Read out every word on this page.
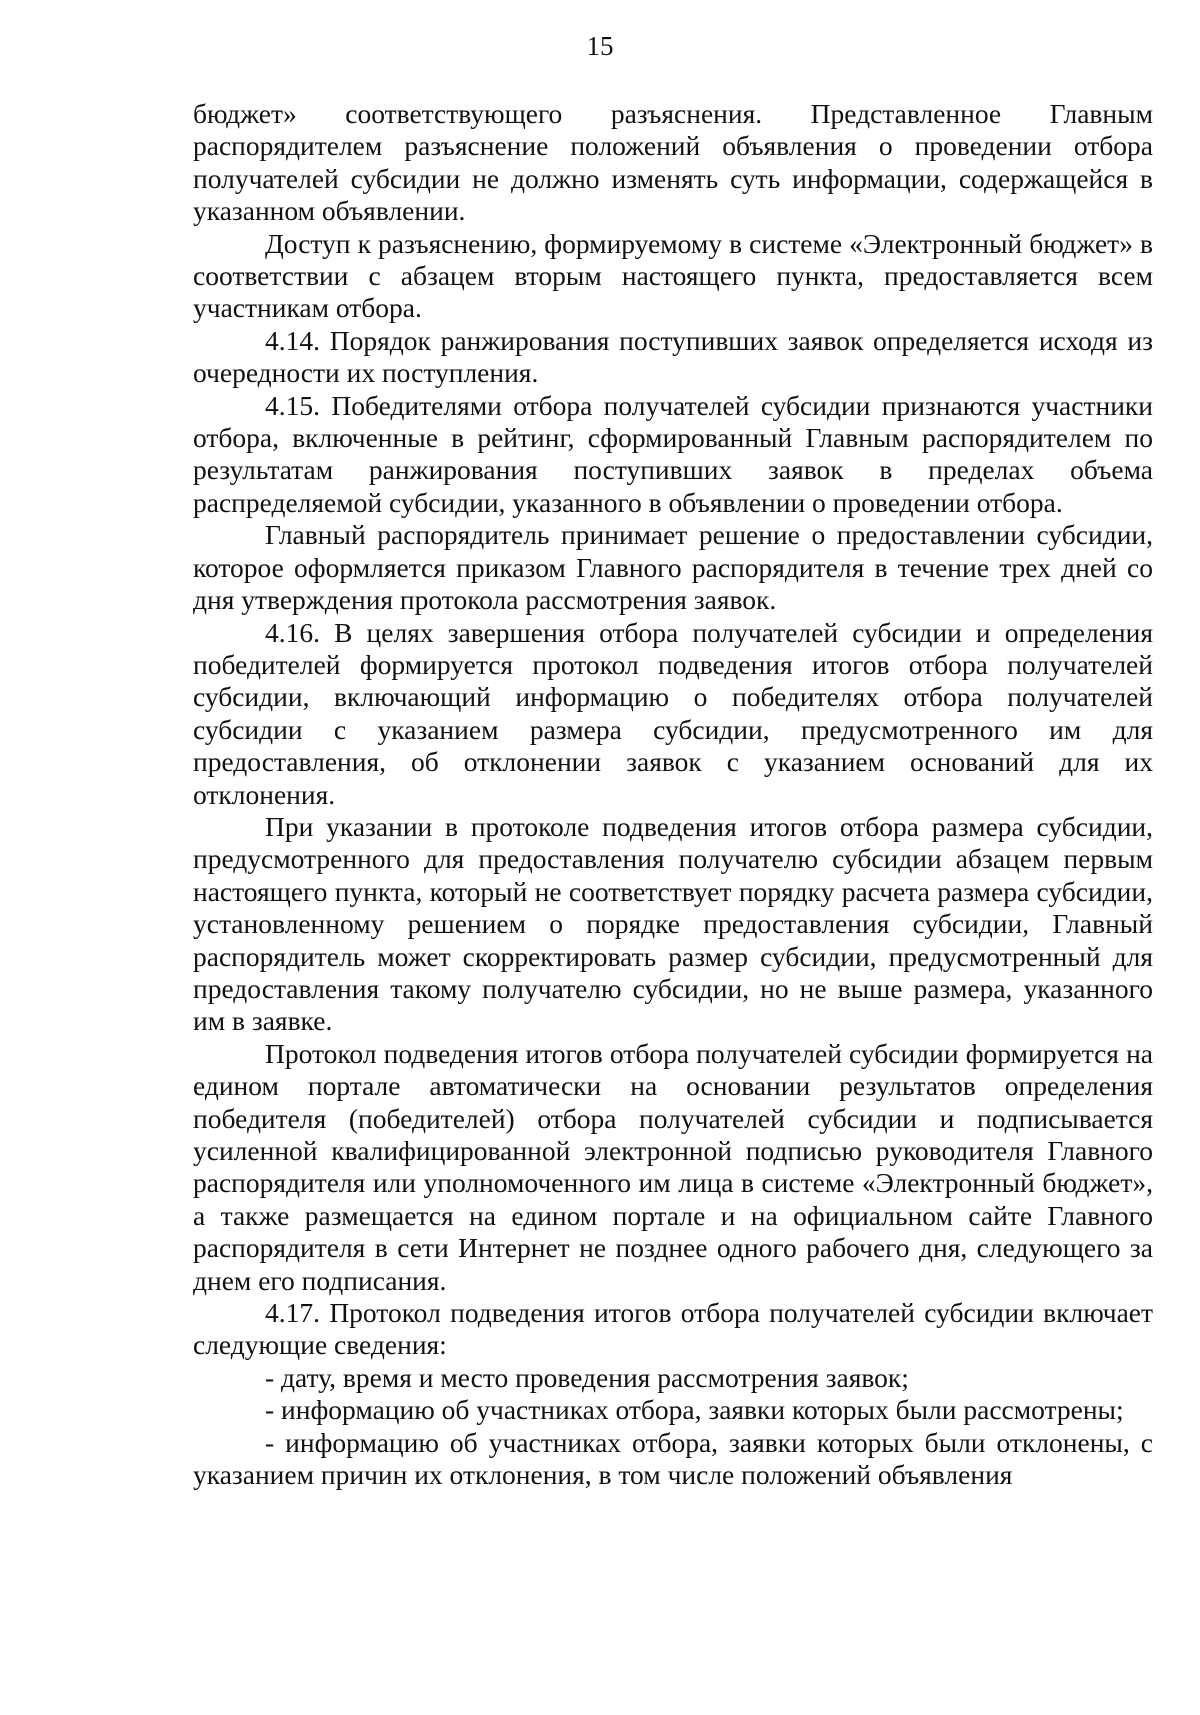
15

бюджет» соответствующего разъяснения. Представленное Главным распорядителем разъяснение положений объявления о проведении отбора получателей субсидии не должно изменять суть информации, содержащейся в указанном объявлении.

Доступ к разъяснению, формируемому в системе «Электронный бюджет» в соответствии с абзацем вторым настоящего пункта, предоставляется всем участникам отбора.

4.14. Порядок ранжирования поступивших заявок определяется исходя из очередности их поступления.

4.15. Победителями отбора получателей субсидии признаются участники отбора, включенные в рейтинг, сформированный Главным распорядителем по результатам ранжирования поступивших заявок в пределах объема распределяемой субсидии, указанного в объявлении о проведении отбора.

Главный распорядитель принимает решение о предоставлении субсидии, которое оформляется приказом Главного распорядителя в течение трех дней со дня утверждения протокола рассмотрения заявок.

4.16. В целях завершения отбора получателей субсидии и определения победителей формируется протокол подведения итогов отбора получателей субсидии, включающий информацию о победителях отбора получателей субсидии с указанием размера субсидии, предусмотренного им для предоставления, об отклонении заявок с указанием оснований для их отклонения.

При указании в протоколе подведения итогов отбора размера субсидии, предусмотренного для предоставления получателю субсидии абзацем первым настоящего пункта, который не соответствует порядку расчета размера субсидии, установленному решением о порядке предоставления субсидии, Главный распорядитель может скорректировать размер субсидии, предусмотренный для предоставления такому получателю субсидии, но не выше размера, указанного им в заявке.

Протокол подведения итогов отбора получателей субсидии формируется на едином портале автоматически на основании результатов определения победителя (победителей) отбора получателей субсидии и подписывается усиленной квалифицированной электронной подписью руководителя Главного распорядителя или уполномоченного им лица в системе «Электронный бюджет», а также размещается на едином портале и на официальном сайте Главного распорядителя в сети Интернет не позднее одного рабочего дня, следующего за днем его подписания.

4.17. Протокол подведения итогов отбора получателей субсидии включает следующие сведения:

- дату, время и место проведения рассмотрения заявок;

- информацию об участниках отбора, заявки которых были рассмотрены;

- информацию об участниках отбора, заявки которых были отклонены, с указанием причин их отклонения, в том числе положений объявления
